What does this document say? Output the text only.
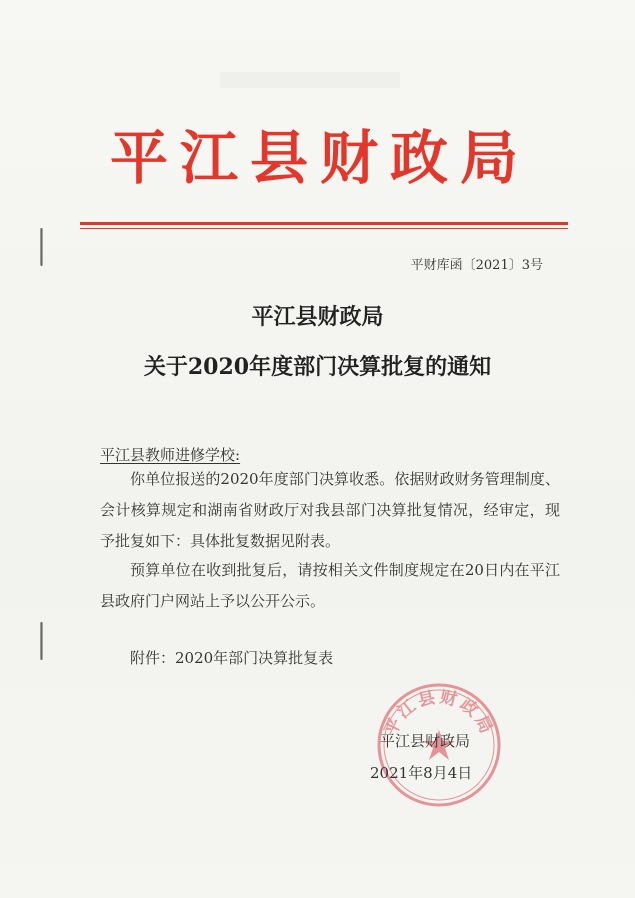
平江县财政局
平财库函〔2021〕3号
平江县财政局
关于2020年度部门决算批复的通知
平江县教师进修学校:
你单位报送的2020年度部门决算收悉。依据财政财务管理制度、会计核算规定和湖南省财政厅对我县部门决算批复情况，经审定，现予批复如下：具体批复数据见附表。
预算单位在收到批复后，请按相关文件制度规定在20日内在平江县政府门户网站上予以公开公示。
附件：2020年部门决算批复表
平江县财政局
平江县财政局
2021年8月4日
